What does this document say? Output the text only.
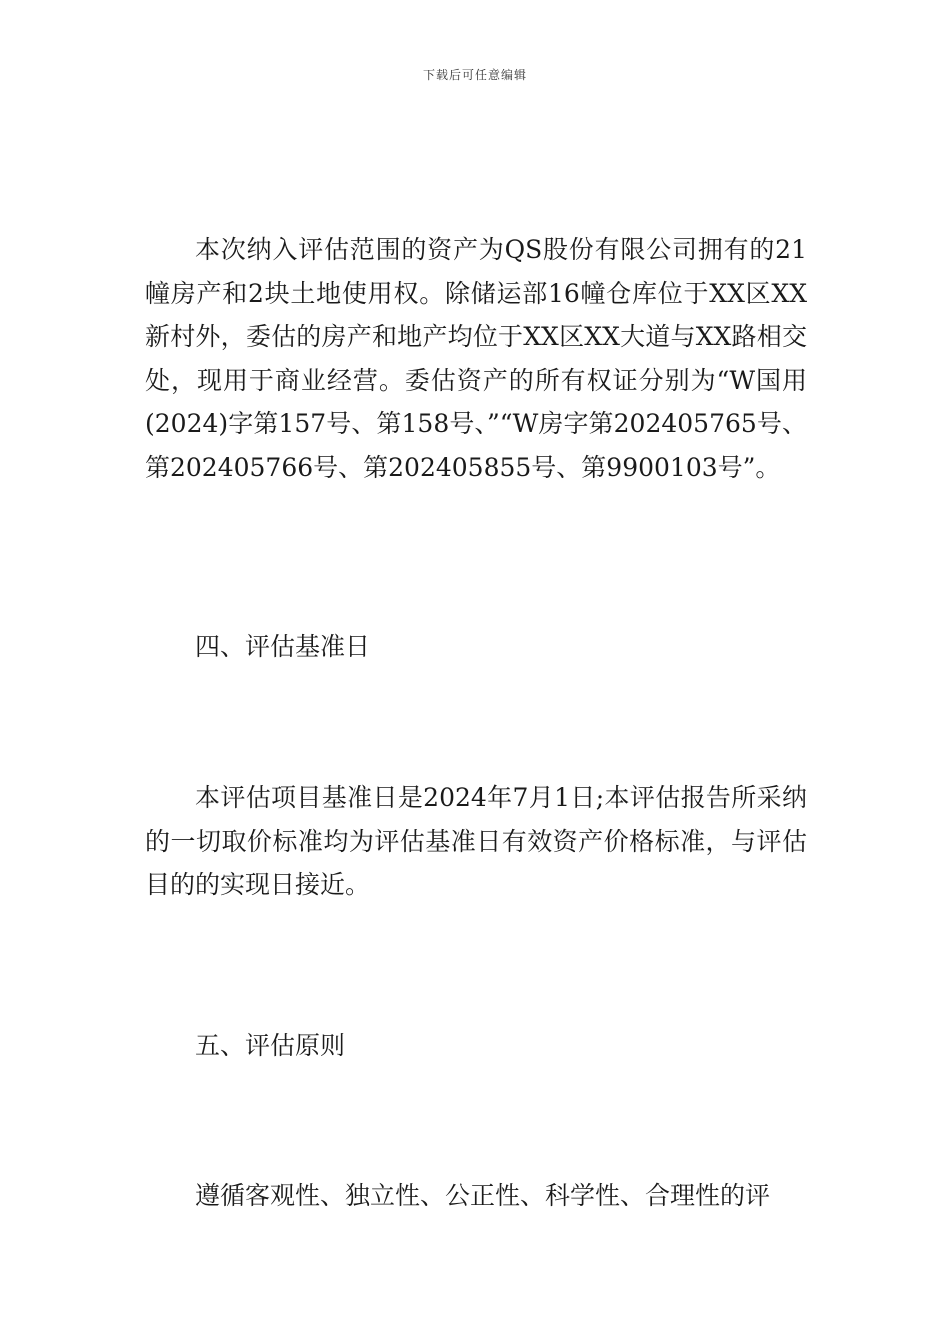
下载后可任意编辑

本次纳入评估范围的资产为QS股份有限公司拥有的21幢房产和2块土地使用权。除储运部16幢仓库位于XX区XX新村外，委估的房产和地产均位于XX区XX大道与XX路相交处，现用于商业经营。委估资产的所有权证分别为“W国用(2024)字第157号、第158号、”“W房字第202405765号、第202405766号、第202405855号、第9900103号”。

四、评估基准日

本评估项目基准日是2024年7月1日;本评估报告所采纳的一切取价标准均为评估基准日有效资产价格标准，与评估目的的实现日接近。

五、评估原则

遵循客观性、独立性、公正性、科学性、合理性的评
